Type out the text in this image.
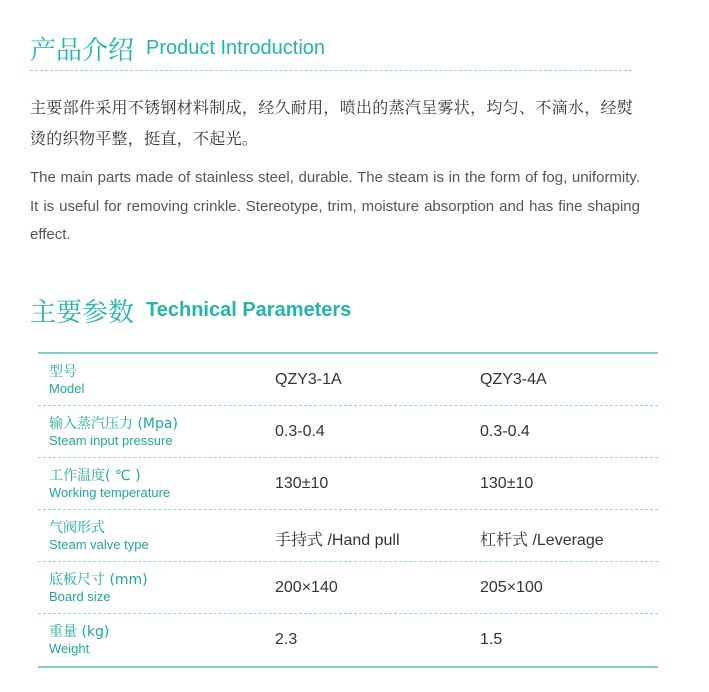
产品介绍 Product Introduction
主要部件采用不锈钢材料制成，经久耐用，喷出的蒸汽呈雾状，均匀、不滴水，经熨烫的织物平整，挺直，不起光。
The main parts made of stainless steel, durable. The steam is in the form of fog, uniformity. It is useful for removing crinkle. Stereotype, trim, moisture absorption and has fine shaping effect.
主要参数 Technical Parameters
型号
Model
QZY3-1A	QZY3-4A
输入蒸汽压力 (Mpa)
Steam input pressure
0.3-0.4	0.3-0.4
工作温度( ℃ )
Working temperature
130±10	130±10
气阀形式
Steam valve type	手持式 /Hand pull	杠杆式 /Leverage
底板尺寸 (mm)
Board size
200×140	205×100
重量 (kg)
Weight
2.3	1.5
